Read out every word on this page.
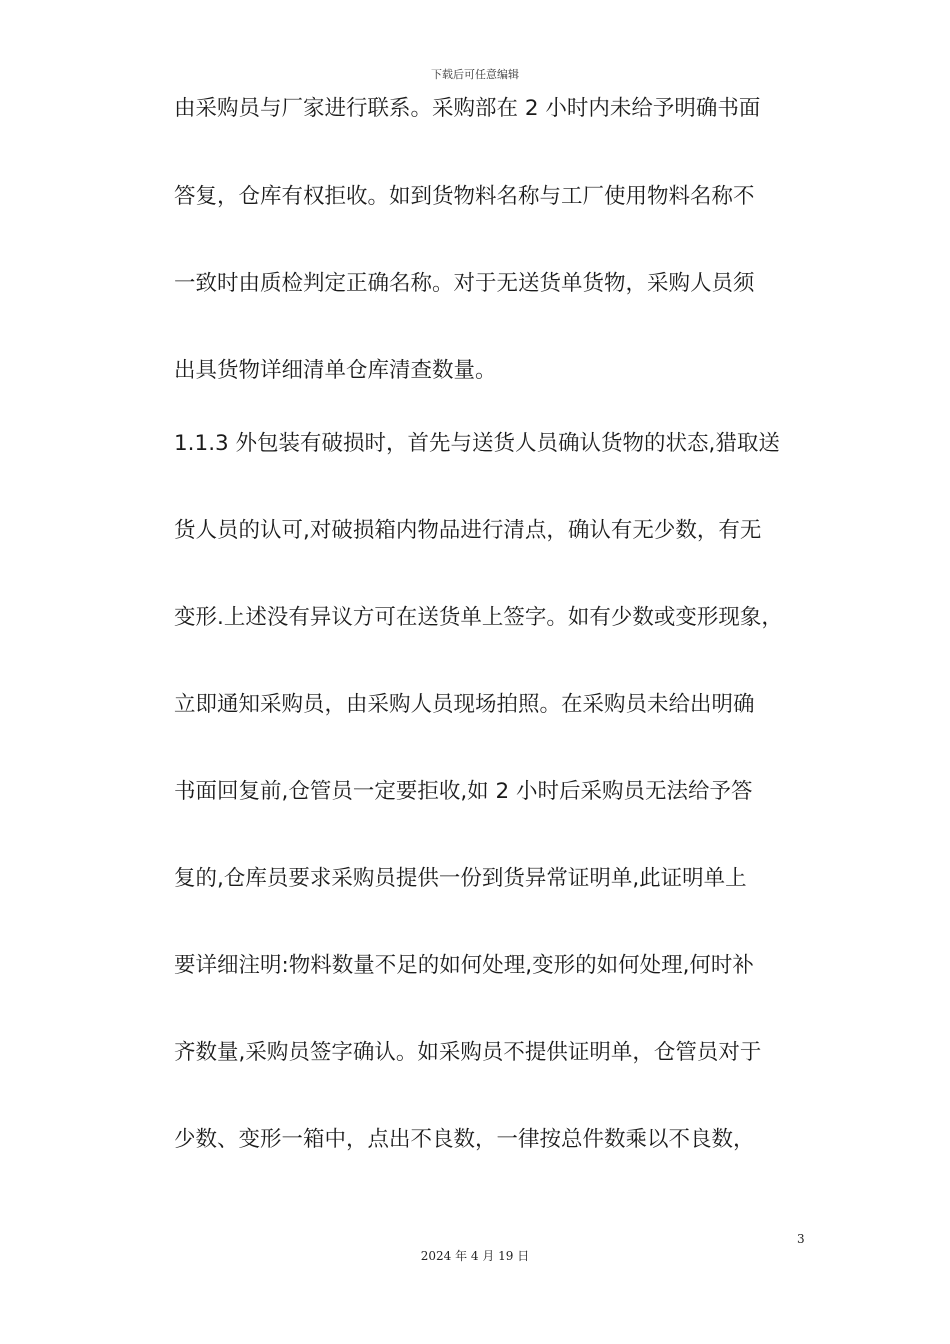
下载后可任意编辑
由采购员与厂家进行联系。采购部在 2 小时内未给予明确书面
答复，仓库有权拒收。如到货物料名称与工厂使用物料名称不
一致时由质检判定正确名称。对于无送货单货物，采购人员须
出具货物详细清单仓库清查数量。
1.1.3 外包装有破损时，首先与送货人员确认货物的状态,猎取送
货人员的认可,对破损箱内物品进行清点，确认有无少数，有无
变形.上述没有异议方可在送货单上签字。如有少数或变形现象，
立即通知采购员，由采购人员现场拍照。在采购员未给出明确
书面回复前,仓管员一定要拒收,如 2 小时后采购员无法给予答
复的,仓库员要求采购员提供一份到货异常证明单,此证明单上
要详细注明:物料数量不足的如何处理,变形的如何处理,何时补
齐数量,采购员签字确认。如采购员不提供证明单，仓管员对于
少数、变形一箱中，点出不良数，一律按总件数乘以不良数，
3
2024 年 4 月 19 日
